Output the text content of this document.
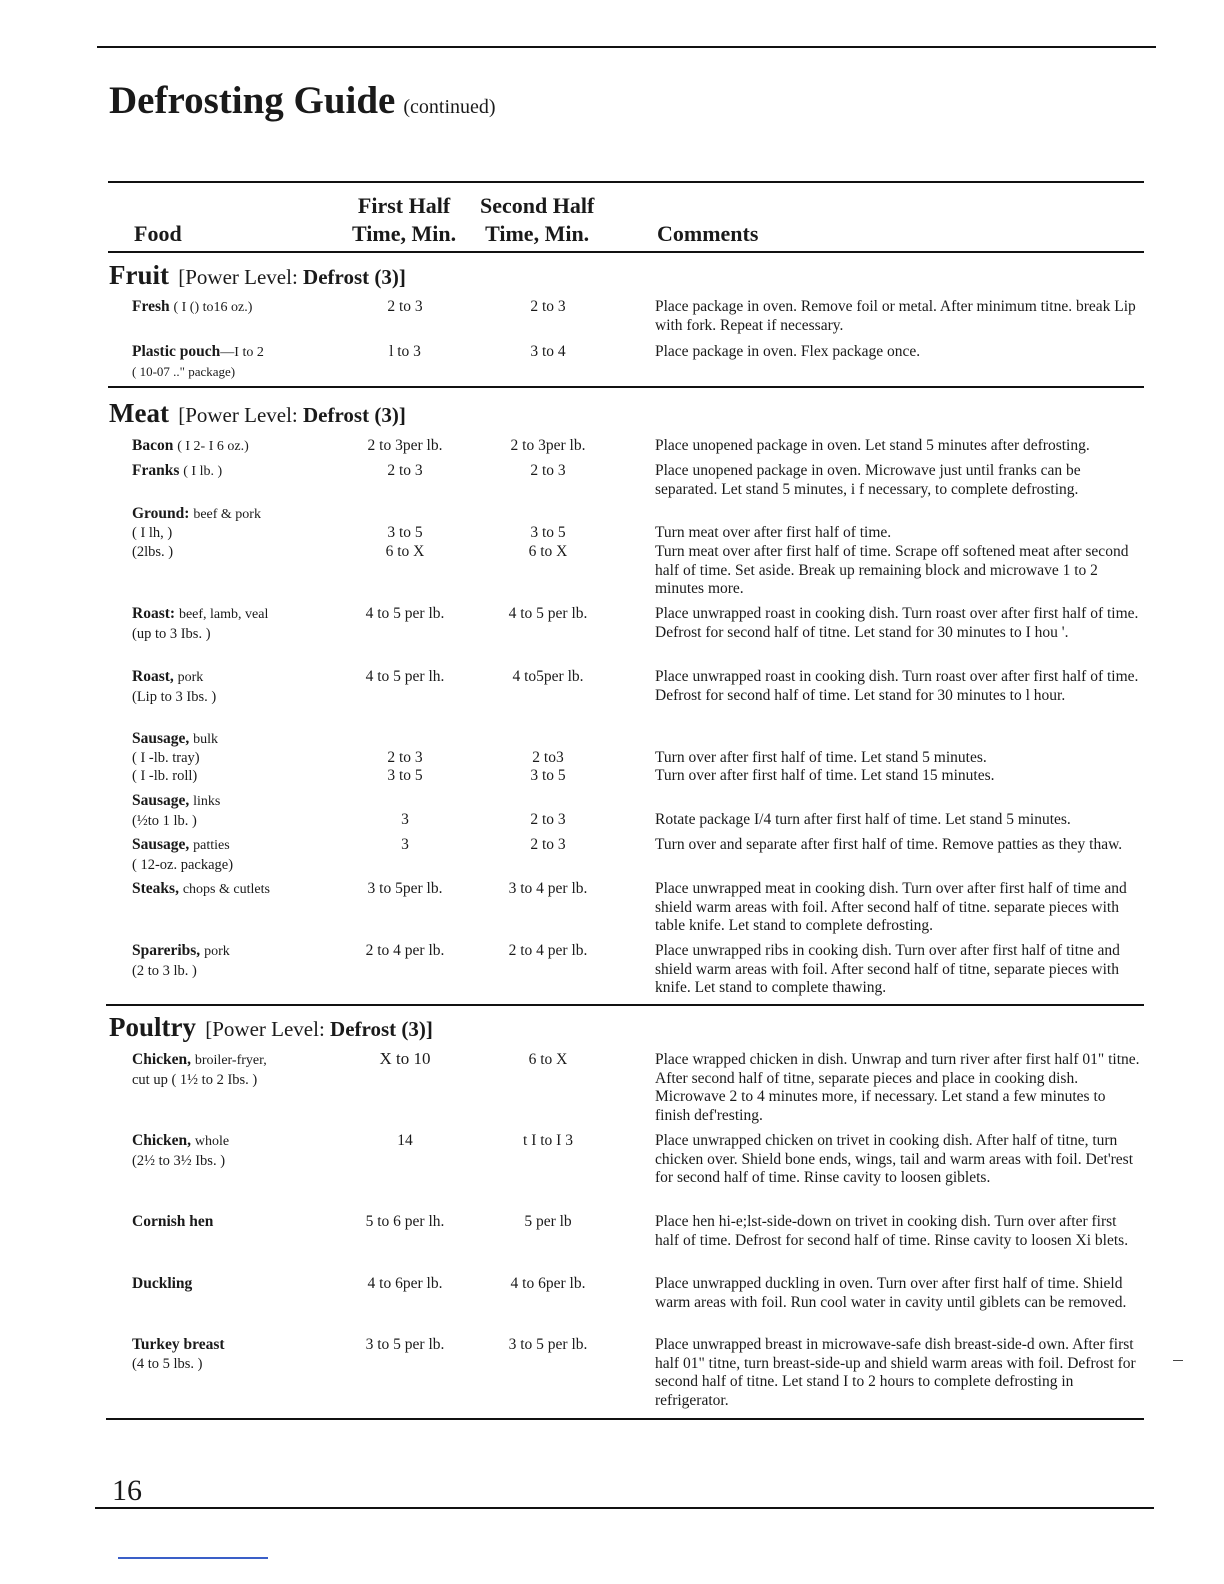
Defrosting Guide (continued)
Food
First Half
Time, Min.
Second Half
Time, Min.	Comments
Fruit [Power Level: Defrost (3)]
Fresh ( I () to16 oz.)	2 to 3	2 to 3	Place package in oven. Remove foil or metal. After minimum titne. break Lip with fork. Repeat if necessary.
Plastic pouch—I to 2
( 10-07 .." package)
l to 3	3 to 4	Place package in oven. Flex package once.
Meat [Power Level: Defrost (3)]
Bacon ( I 2- I 6 oz.)	2 to 3per lb.	2 to 3per lb.	Place unopened package in oven. Let stand 5 minutes after defrosting.
Franks ( I lb. )	2 to 3	2 to 3	Place unopened package in oven. Microwave just until franks can be separated. Let stand 5 minutes, i f necessary, to complete defrosting.
Ground: beef & pork
( I lh, )	3 to 5	3 to 5	Turn meat over after first half of time.
(2lbs. )	6 to X	6 to X	Turn meat over after first half of time. Scrape off softened meat after second half of time. Set aside. Break up remaining block and microwave 1 to 2 minutes more.
Roast: beef, lamb, veal
(up to 3 Ibs. )
4 to 5 per lb.	4 to 5 per lb.	Place unwrapped roast in cooking dish. Turn roast over after first half of time. Defrost for second half of titne. Let stand for 30 minutes to I hou '.
Roast, pork
(Lip to 3 Ibs. )
4 to 5 per lh.	4 to5per lb.	Place unwrapped roast in cooking dish. Turn roast over after first half of time. Defrost for second half of time. Let stand for 30 minutes to l hour.
Sausage, bulk
( I -lb. tray)	2 to 3	2 to3	Turn over after first half of time. Let stand 5 minutes.
( I -lb. roll)	3 to 5	3 to 5	Turn over after first half of time. Let stand 15 minutes.
Sausage, links
(½to 1 lb. )	3	2 to 3	Rotate package I/4 turn after first half of time. Let stand 5 minutes.
Sausage, patties
( 12-oz. package)
3	2 to 3	Turn over and separate after first half of time. Remove patties as they thaw.
Steaks, chops & cutlets	3 to 5per lb.	3 to 4 per lb.	Place unwrapped meat in cooking dish. Turn over after first half of time and shield warm areas with foil. After second half of titne. separate pieces with table knife. Let stand to complete defrosting.
Spareribs, pork
(2 to 3 lb. )
2 to 4 per lb.	2 to 4 per lb.	Place unwrapped ribs in cooking dish. Turn over after first half of titne and shield warm areas with foil. After second half of titne, separate pieces with knife. Let stand to complete thawing.
Poultry [Power Level: Defrost (3)]
Chicken, broiler-fryer,
cut up ( 1½ to 2 Ibs. )
X to 10	6 to X	Place wrapped chicken in dish. Unwrap and turn river after first half 01" titne. After second half of titne, separate pieces and place in cooking dish. Microwave 2 to 4 minutes more, if necessary. Let stand a few minutes to finish def'resting.
Chicken, whole
(2½ to 3½ Ibs. )
14	t I to I 3	Place unwrapped chicken on trivet in cooking dish. After half of titne, turn chicken over. Shield bone ends, wings, tail and warm areas with foil. Det'rest for second half of time. Rinse cavity to loosen giblets.
Cornish hen	5 to 6 per lh.	5 per lb	Place hen hi-e;lst-side-down on trivet in cooking dish. Turn over after first half of time. Defrost for second half of time. Rinse cavity to loosen Xi blets.
Duckling	4 to 6per lb.	4 to 6per lb.	Place unwrapped duckling in oven. Turn over after first half of time. Shield warm areas with foil. Run cool water in cavity until giblets can be removed.
Turkey breast
(4 to 5 lbs. )
3 to 5 per lb.	3 to 5 per lb.	Place unwrapped breast in microwave-safe dish breast-side-d own. After first half 01" titne, turn breast-side-up and shield warm areas with foil. Defrost for second half of titne. Let stand I to 2 hours to complete defrosting in refrigerator.
16
